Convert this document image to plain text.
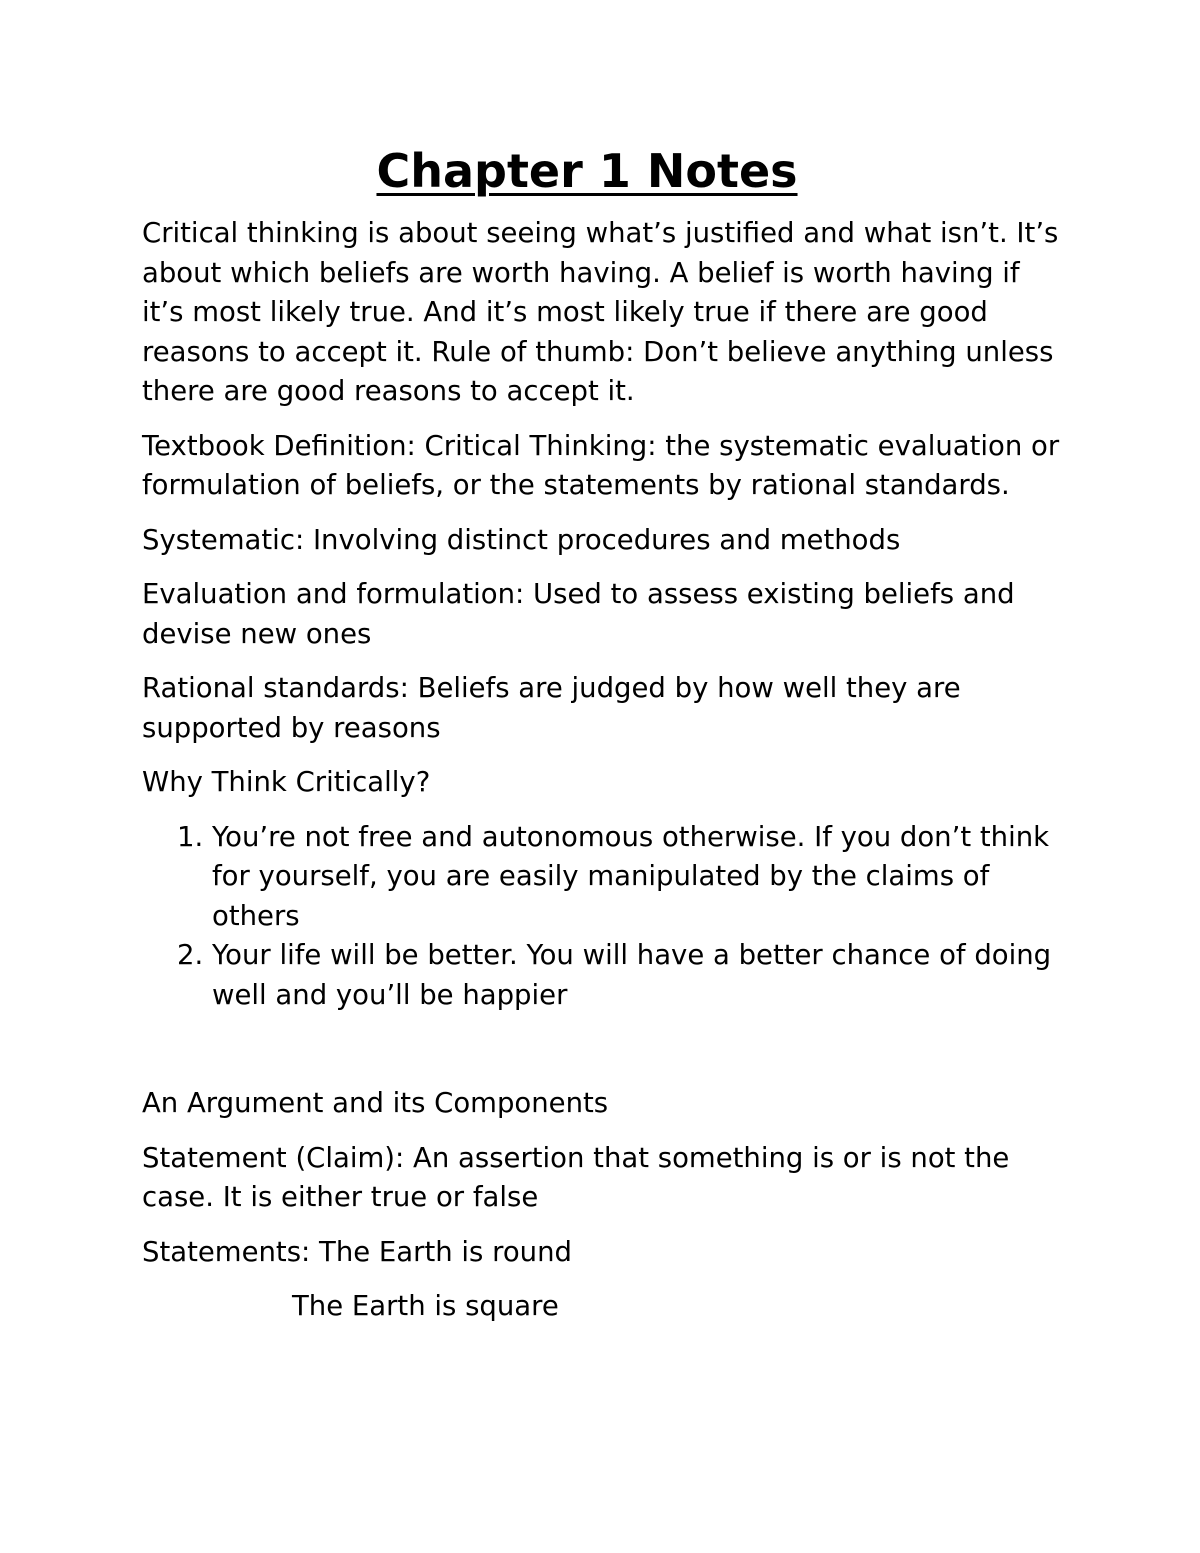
Chapter 1 Notes

Critical thinking is about seeing what’s justified and what isn’t. It’s about which beliefs are worth having. A belief is worth having if it’s most likely true. And it’s most likely true if there are good reasons to accept it. Rule of thumb: Don’t believe anything unless there are good reasons to accept it.

Textbook Definition: Critical Thinking: the systematic evaluation or formulation of beliefs, or the statements by rational standards.

Systematic: Involving distinct procedures and methods

Evaluation and formulation: Used to assess existing beliefs and devise new ones

Rational standards: Beliefs are judged by how well they are supported by reasons

Why Think Critically?

1. You’re not free and autonomous otherwise. If you don’t think for yourself, you are easily manipulated by the claims of others
2. Your life will be better. You will have a better chance of doing well and you’ll be happier

An Argument and its Components

Statement (Claim): An assertion that something is or is not the case. It is either true or false

Statements: The Earth is round

The Earth is square
